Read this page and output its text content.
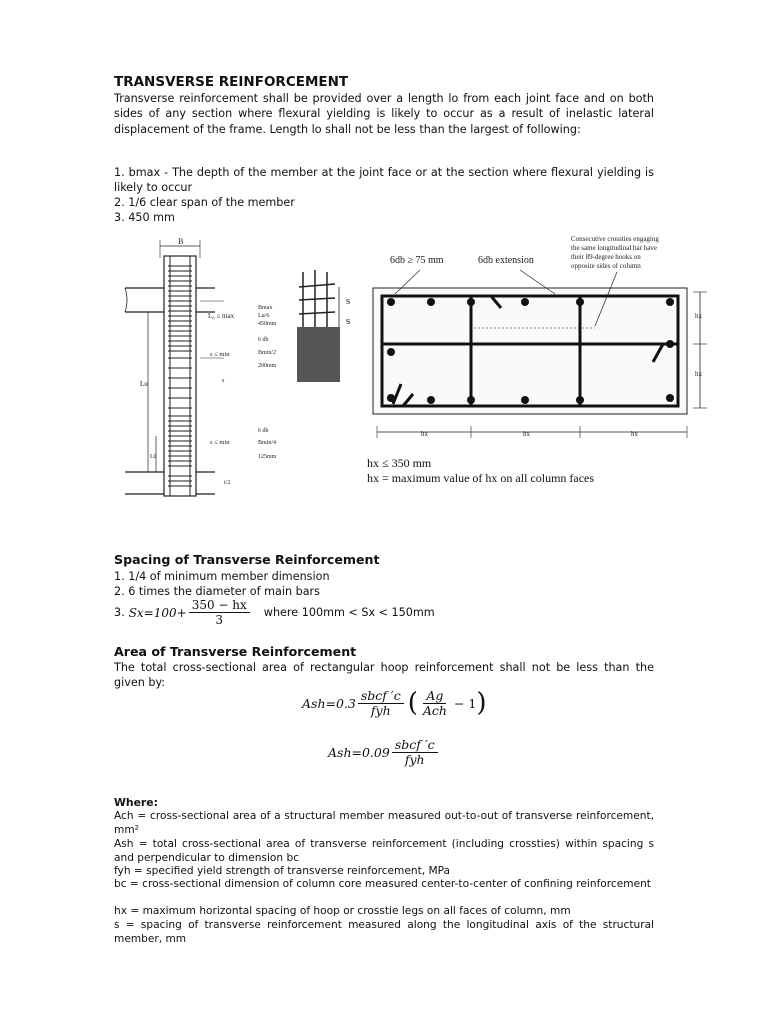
TRANSVERSE REINFORCEMENT
Transverse reinforcement shall be provided over a length lo from each joint face and on both sides of any section where flexural yielding is likely to occur as a result of inelastic lateral displacement of the frame. Length lo shall not be less than the largest of following:
1. bmax - The depth of the member at the joint face or at the section where flexural yielding is likely to occur
2. 1/6 clear span of the member
3. 450 mm
B
Lu
L0
L₀ ≤ max
Bmax
Lu/6
450mm
s ≤ min
6 db
Bmin/2
200mm
s ≤ min
6 db
Bmin/4
125mm
t/2
s
s
s
6db ≥ 75 mm	6db extension
Consecutive crossties engaging
the same longitudinal bar have
their 89-degree hooks on
opposite sides of column
hx
hx
hx	hx	hx
hx ≤ 350 mm
hx = maximum value of hx on all column faces
Spacing of Transverse Reinforcement
1. 1/4 of minimum member dimension
2. 6 times the diameter of main bars
3. $Sx=100+ \frac{350 - hx}{3}$ where 100mm < Sx < 150mm
Area of Transverse Reinforcement
The total cross-sectional area of rectangular hoop reinforcement shall not be less than the given by:
$Ash=0.3 \frac{\text{sbcf ′c}}{\text{fyh}}$ ( $\frac{Ag}{\text{Ach}} - 1$ )
$Ash=0.09 \frac{\text{sbcf ′c}}{\text{fyh}}$
Where:
Ach = cross-sectional area of a structural member measured out-to-out of transverse reinforcement, mm²
Ash = total cross-sectional area of transverse reinforcement (including crossties) within spacing s and perpendicular to dimension bc
fyh = specified yield strength of transverse reinforcement, MPa
bc = cross-sectional dimension of column core measured center-to-center of confining reinforcement
hx = maximum horizontal spacing of hoop or crosstie legs on all faces of column, mm
s = spacing of transverse reinforcement measured along the longitudinal axis of the structural member, mm
